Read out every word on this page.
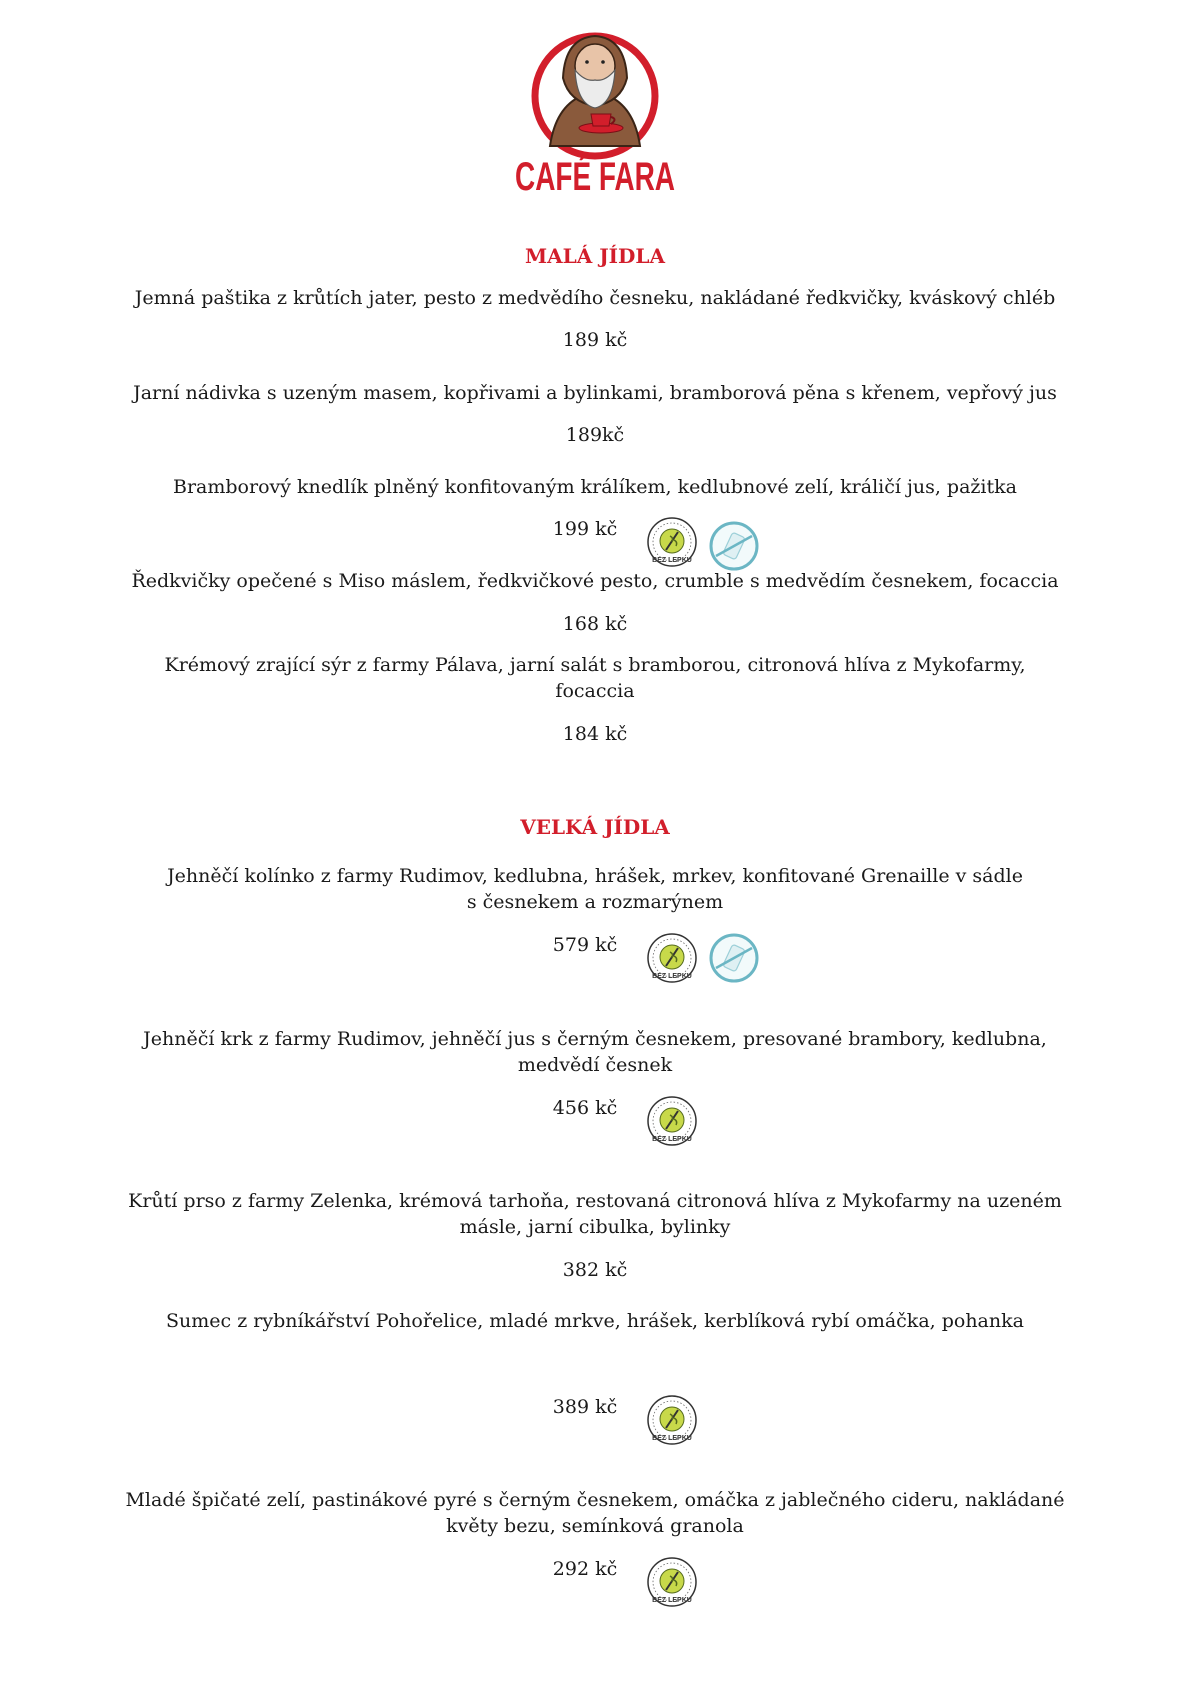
CAFÉ FARA
MALÁ JÍDLA
Jemná paštika z krůtích jater, pesto z medvědího česneku, nakládané ředkvičky, kváskový chléb
189 kč
Jarní nádivka s uzeným masem, kopřivami a bylinkami, bramborová pěna s křenem, vepřový jus
189kč
Bramborový knedlík plněný konfitovaným králíkem, kedlubnové zelí, králičí jus, pažitka
199 kč
BEZ LEPKU
Ředkvičky opečené s Miso máslem, ředkvičkové pesto, crumble s medvědím česnekem, focaccia
168 kč
Krémový zrající sýr z farmy Pálava, jarní salát s bramborou, citronová hlíva z Mykofarmy,
focaccia
184 kč
VELKÁ JÍDLA
Jehněčí kolínko z farmy Rudimov, kedlubna, hrášek, mrkev, konfitované Grenaille v sádle
s česnekem a rozmarýnem
579 kč
BEZ LEPKU
Jehněčí krk z farmy Rudimov, jehněčí jus s černým česnekem, presované brambory, kedlubna,
medvědí česnek
456 kč
BEZ LEPKU
Krůtí prso z farmy Zelenka, krémová tarhoňa, restovaná citronová hlíva z Mykofarmy na uzeném
másle, jarní cibulka, bylinky
382 kč
Sumec z rybníkářství Pohořelice, mladé mrkve, hrášek, kerblíková rybí omáčka, pohanka
389 kč
BEZ LEPKU
Mladé špičaté zelí, pastinákové pyré s černým česnekem, omáčka z jablečného cideru, nakládané
květy bezu, semínková granola
292 kč
BEZ LEPKU
